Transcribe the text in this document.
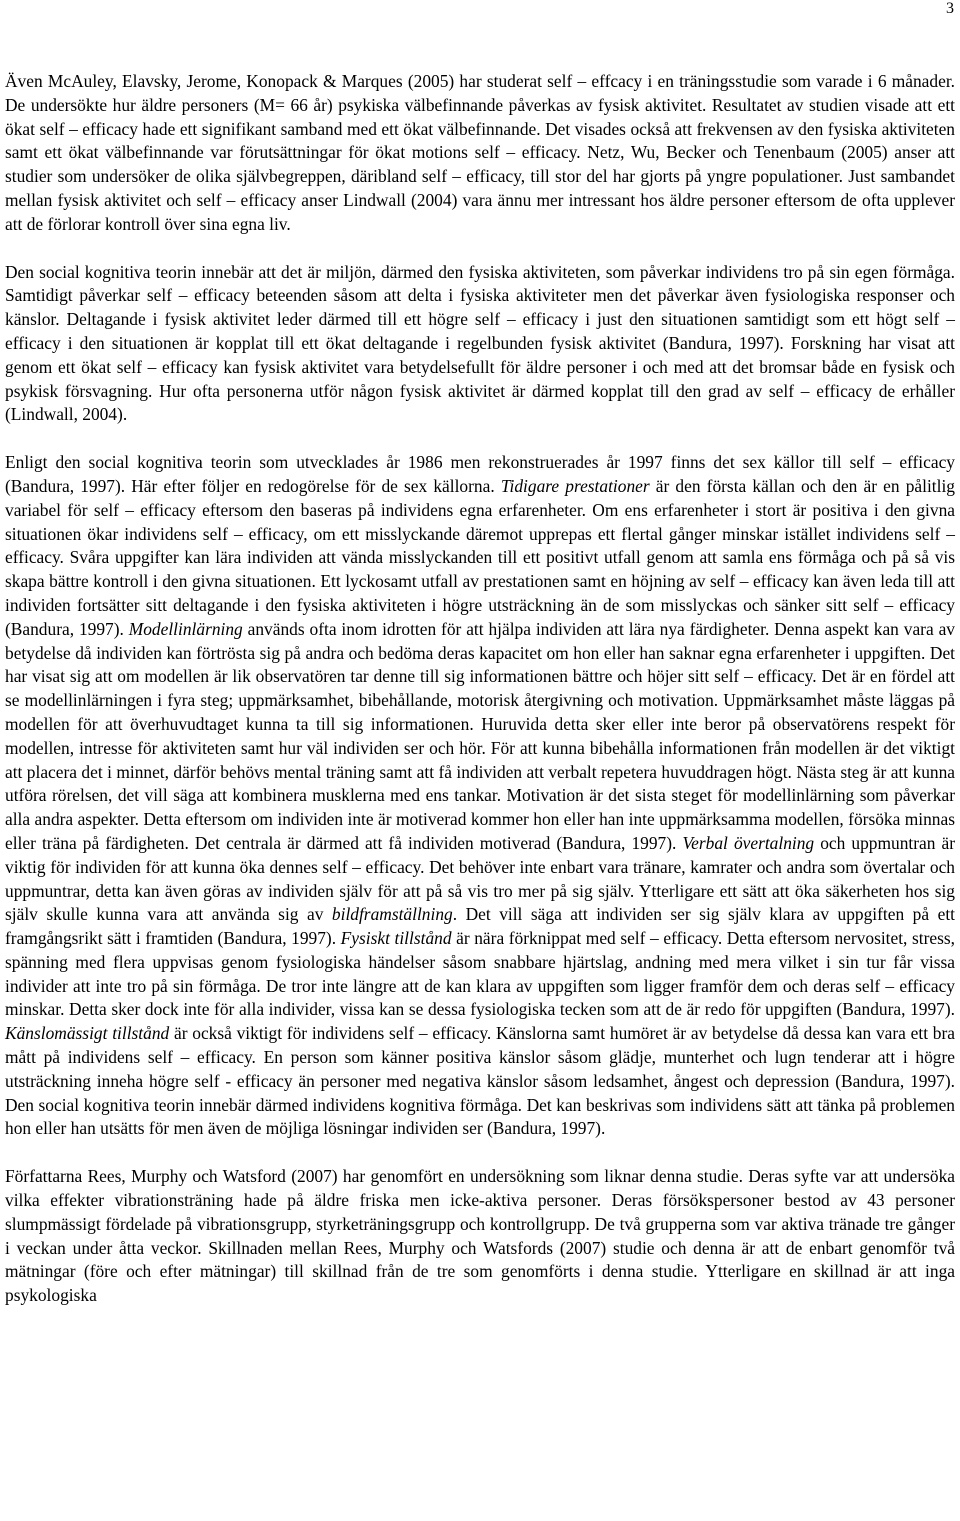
3

Även McAuley, Elavsky, Jerome, Konopack & Marques (2005) har studerat self – effcacy i en träningsstudie som varade i 6 månader. De undersökte hur äldre personers (M= 66 år) psykiska välbefinnande påverkas av fysisk aktivitet. Resultatet av studien visade att ett ökat self – efficacy hade ett signifikant samband med ett ökat välbefinnande. Det visades också att frekvensen av den fysiska aktiviteten samt ett ökat välbefinnande var förutsättningar för ökat motions self – efficacy. Netz, Wu, Becker och Tenenbaum (2005) anser att studier som undersöker de olika självbegreppen, däribland self – efficacy, till stor del har gjorts på yngre populationer. Just sambandet mellan fysisk aktivitet och self – efficacy anser Lindwall (2004) vara ännu mer intressant hos äldre personer eftersom de ofta upplever att de förlorar kontroll över sina egna liv.

Den social kognitiva teorin innebär att det är miljön, därmed den fysiska aktiviteten, som påverkar individens tro på sin egen förmåga. Samtidigt påverkar self – efficacy beteenden såsom att delta i fysiska aktiviteter men det påverkar även fysiologiska responser och känslor. Deltagande i fysisk aktivitet leder därmed till ett högre self – efficacy i just den situationen samtidigt som ett högt self – efficacy i den situationen är kopplat till ett ökat deltagande i regelbunden fysisk aktivitet (Bandura, 1997). Forskning har visat att genom ett ökat self – efficacy kan fysisk aktivitet vara betydelsefullt för äldre personer i och med att det bromsar både en fysisk och psykisk försvagning. Hur ofta personerna utför någon fysisk aktivitet är därmed kopplat till den grad av self – efficacy de erhåller (Lindwall, 2004).

Enligt den social kognitiva teorin som utvecklades år 1986 men rekonstruerades år 1997 finns det sex källor till self – efficacy (Bandura, 1997). Här efter följer en redogörelse för de sex källorna. Tidigare prestationer är den första källan och den är en pålitlig variabel för self – efficacy eftersom den baseras på individens egna erfarenheter. Om ens erfarenheter i stort är positiva i den givna situationen ökar individens self – efficacy, om ett misslyckande däremot upprepas ett flertal gånger minskar istället individens self – efficacy. Svåra uppgifter kan lära individen att vända misslyckanden till ett positivt utfall genom att samla ens förmåga och på så vis skapa bättre kontroll i den givna situationen. Ett lyckosamt utfall av prestationen samt en höjning av self – efficacy kan även leda till att individen fortsätter sitt deltagande i den fysiska aktiviteten i högre utsträckning än de som misslyckas och sänker sitt self – efficacy (Bandura, 1997). Modellinlärning används ofta inom idrotten för att hjälpa individen att lära nya färdigheter. Denna aspekt kan vara av betydelse då individen kan förtrösta sig på andra och bedöma deras kapacitet om hon eller han saknar egna erfarenheter i uppgiften. Det har visat sig att om modellen är lik observatören tar denne till sig informationen bättre och höjer sitt self – efficacy. Det är en fördel att se modellinlärningen i fyra steg; uppmärksamhet, bibehållande, motorisk återgivning och motivation. Uppmärksamhet måste läggas på modellen för att överhuvudtaget kunna ta till sig informationen. Huruvida detta sker eller inte beror på observatörens respekt för modellen, intresse för aktiviteten samt hur väl individen ser och hör. För att kunna bibehålla informationen från modellen är det viktigt att placera det i minnet, därför behövs mental träning samt att få individen att verbalt repetera huvuddragen högt. Nästa steg är att kunna utföra rörelsen, det vill säga att kombinera musklerna med ens tankar. Motivation är det sista steget för modellinlärning som påverkar alla andra aspekter. Detta eftersom om individen inte är motiverad kommer hon eller han inte uppmärksamma modellen, försöka minnas eller träna på färdigheten. Det centrala är därmed att få individen motiverad (Bandura, 1997). Verbal övertalning och uppmuntran är viktig för individen för att kunna öka dennes self – efficacy. Det behöver inte enbart vara tränare, kamrater och andra som övertalar och uppmuntrar, detta kan även göras av individen själv för att på så vis tro mer på sig själv. Ytterligare ett sätt att öka säkerheten hos sig själv skulle kunna vara att använda sig av bildframställning. Det vill säga att individen ser sig själv klara av uppgiften på ett framgångsrikt sätt i framtiden (Bandura, 1997). Fysiskt tillstånd är nära förknippat med self – efficacy. Detta eftersom nervositet, stress, spänning med flera uppvisas genom fysiologiska händelser såsom snabbare hjärtslag, andning med mera vilket i sin tur får vissa individer att inte tro på sin förmåga. De tror inte längre att de kan klara av uppgiften som ligger framför dem och deras self – efficacy minskar. Detta sker dock inte för alla individer, vissa kan se dessa fysiologiska tecken som att de är redo för uppgiften (Bandura, 1997). Känslomässigt tillstånd är också viktigt för individens self – efficacy. Känslorna samt humöret är av betydelse då dessa kan vara ett bra mått på individens self – efficacy. En person som känner positiva känslor såsom glädje, munterhet och lugn tenderar att i högre utsträckning inneha högre self - efficacy än personer med negativa känslor såsom ledsamhet, ångest och depression (Bandura, 1997). Den social kognitiva teorin innebär därmed individens kognitiva förmåga. Det kan beskrivas som individens sätt att tänka på problemen hon eller han utsätts för men även de möjliga lösningar individen ser (Bandura, 1997).

Författarna Rees, Murphy och Watsford (2007) har genomfört en undersökning som liknar denna studie. Deras syfte var att undersöka vilka effekter vibrationsträning hade på äldre friska men icke-aktiva personer. Deras försökspersoner bestod av 43 personer slumpmässigt fördelade på vibrationsgrupp, styrketräningsgrupp och kontrollgrupp. De två grupperna som var aktiva tränade tre gånger i veckan under åtta veckor. Skillnaden mellan Rees, Murphy och Watsfords (2007) studie och denna är att de enbart genomför två mätningar (före och efter mätningar) till skillnad från de tre som genomförts i denna studie. Ytterligare en skillnad är att inga psykologiska
